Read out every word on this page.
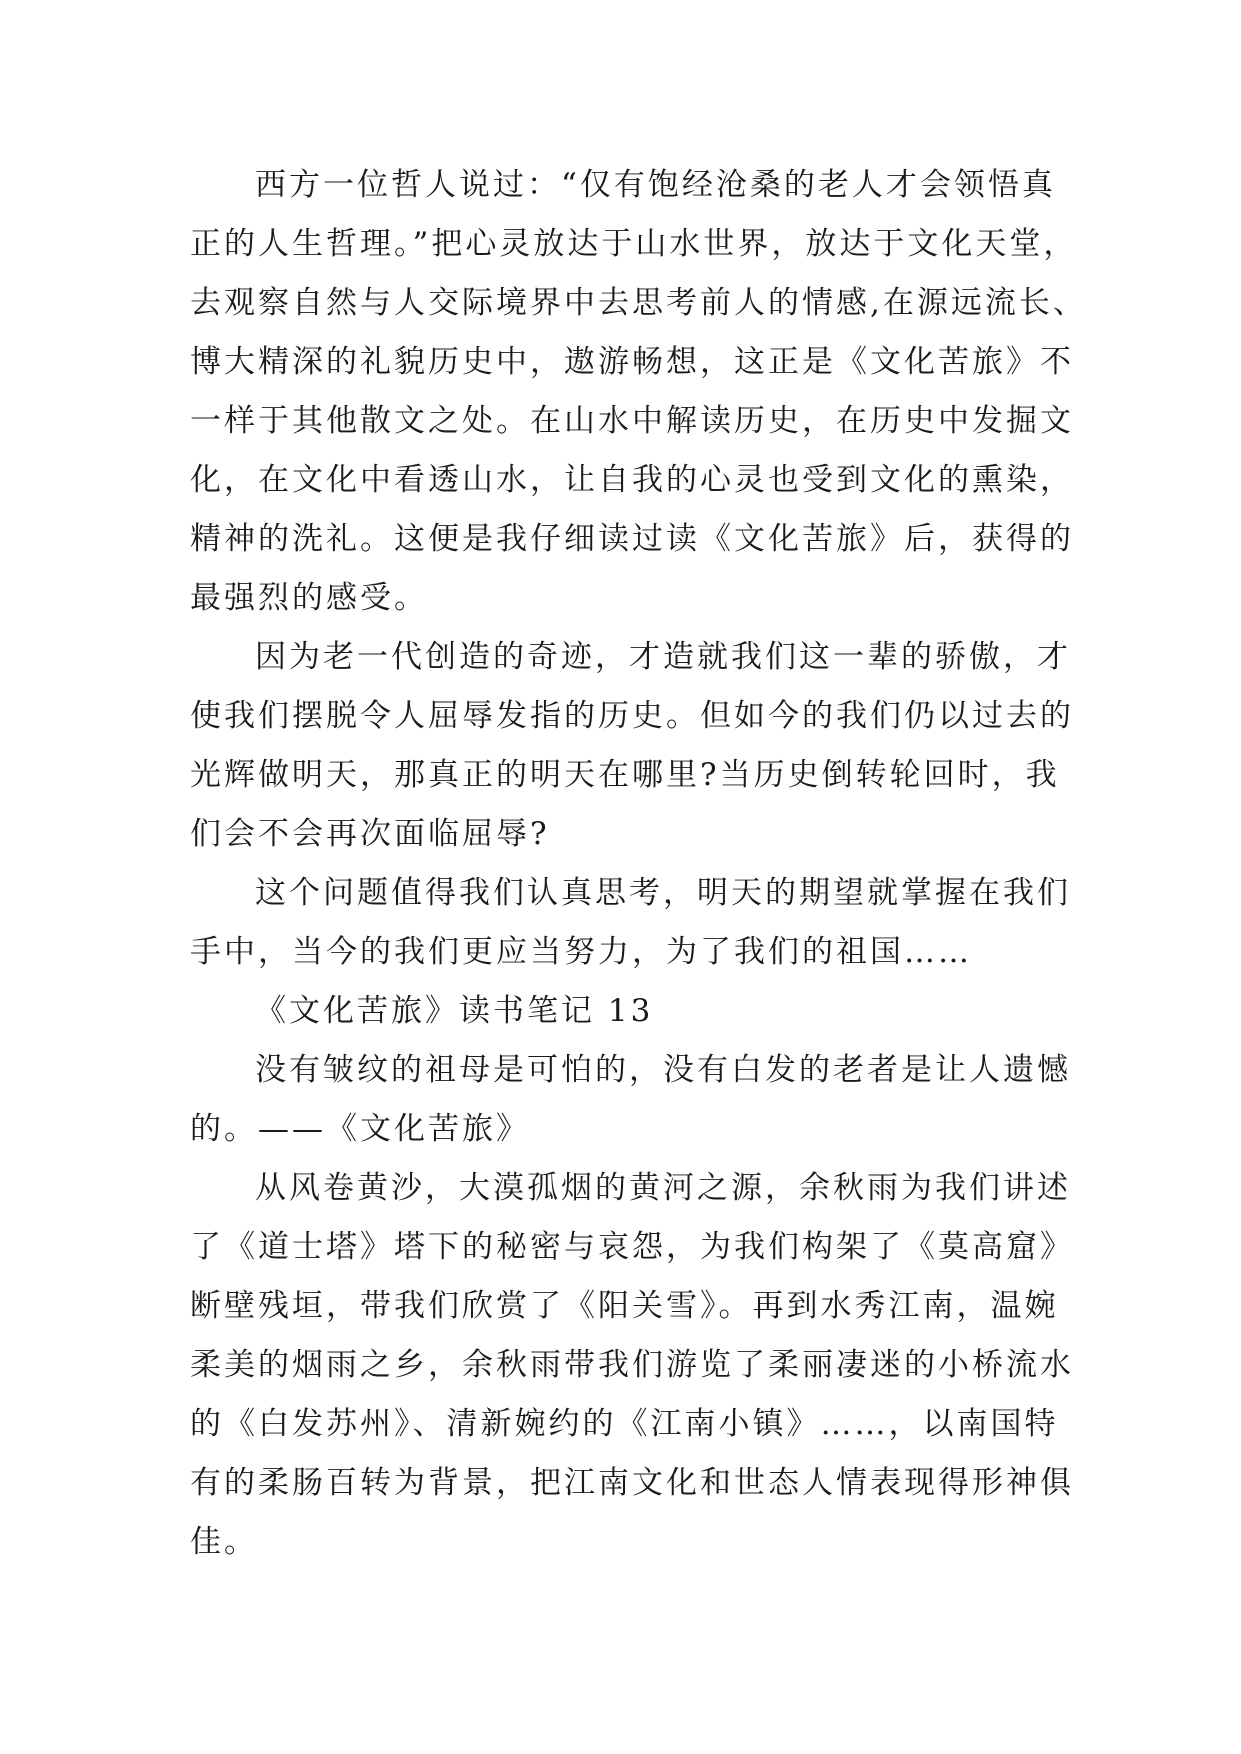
西方一位哲人说过：“仅有饱经沧桑的老人才会领悟真
正的人生哲理。”把心灵放达于山水世界，放达于文化天堂，
去观察自然与人交际境界中去思考前人的情感,在源远流长、
博大精深的礼貌历史中，遨游畅想，这正是《文化苦旅》不
一样于其他散文之处。在山水中解读历史，在历史中发掘文
化，在文化中看透山水，让自我的心灵也受到文化的熏染，
精神的洗礼。这便是我仔细读过读《文化苦旅》后，获得的
最强烈的感受。
因为老一代创造的奇迹，才造就我们这一辈的骄傲，才
使我们摆脱令人屈辱发指的历史。但如今的我们仍以过去的
光辉做明天，那真正的明天在哪里?当历史倒转轮回时，我
们会不会再次面临屈辱?
这个问题值得我们认真思考，明天的期望就掌握在我们
手中，当今的我们更应当努力，为了我们的祖国……
《文化苦旅》读书笔记 13
没有皱纹的祖母是可怕的，没有白发的老者是让人遗憾
的。——《文化苦旅》
从风卷黄沙，大漠孤烟的黄河之源，余秋雨为我们讲述
了《道士塔》塔下的秘密与哀怨，为我们构架了《莫高窟》
断壁残垣，带我们欣赏了《阳关雪》。再到水秀江南，温婉
柔美的烟雨之乡，余秋雨带我们游览了柔丽凄迷的小桥流水
的《白发苏州》、清新婉约的《江南小镇》……，以南国特
有的柔肠百转为背景，把江南文化和世态人情表现得形神俱
佳。
